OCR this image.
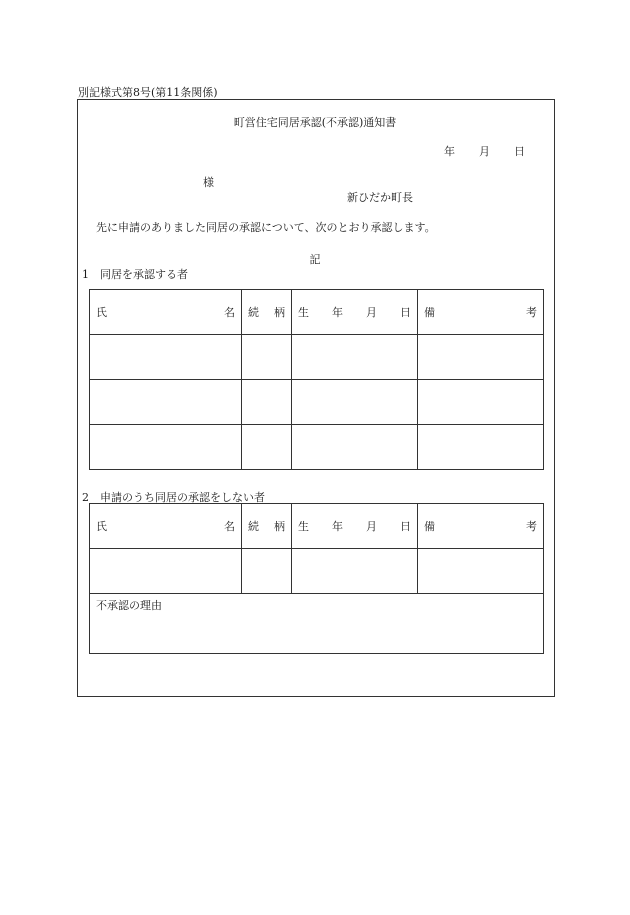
別記様式第8号(第11条関係)
町営住宅同居承認(不承認)通知書
年 月 日
様
新ひだか町長
先に申請のありました同居の承認について、次のとおり承認します。
記
1　同居を承認する者
氏 名	続 柄	生 年 月 日	備 考

2　申請のうち同居の承認をしない者
氏 名	続 柄	生 年 月 日	備 考

不承認の理由			
